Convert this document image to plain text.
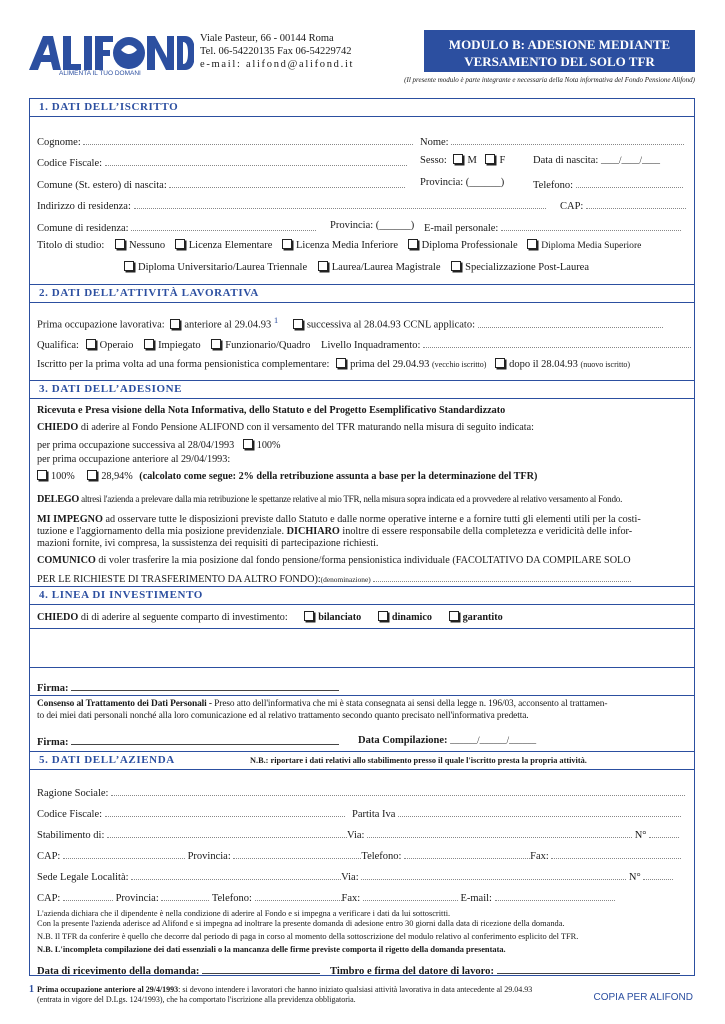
ALIMENTA IL TUO DOMANI
Viale Pasteur, 66 - 00144 Roma
Tel. 06-54220135 Fax 06-54229742
e-mail: alifond@alifond.it
MODULO B: ADESIONE MEDIANTE
VERSAMENTO DEL SOLO TFR
(Il presente modulo è parte integrante e necessaria della Nota informativa del Fondo Pensione Alifond)
1. DATI DELL’ISCRITTO
Cognome:	Nome:
Codice Fiscale:	Sesso: M F	Data di nascita: ____/____/____
Comune (St. estero) di nascita:	Provincia: (______)	Telefono:
Indirizzo di residenza:	CAP:
Comune di residenza:	Provincia: (______) E-mail personale:
Titolo di studio: Nessuno Licenza Elementare Licenza Media Inferiore Diploma Professionale Diploma Media Superiore
Diploma Universitario/Laurea Triennale Laurea/Laurea Magistrale Specializzazione Post-Laurea
2. DATI DELL’ATTIVITÀ LAVORATIVA
Prima occupazione lavorativa: anteriore al 29.04.93 $^1$	successiva al 28.04.93 CCNL applicato:
Qualifica: Operaio Impiegato Funzionario/Quadro Livello Inquadramento:
Iscritto per la prima volta ad una forma pensionistica complementare: prima del 29.04.93 (vecchio iscritto) dopo il 28.04.93 (nuovo iscritto)
3. DATI DELL’ADESIONE
Ricevuta e Presa visione della Nota Informativa, dello Statuto e del Progetto Esemplificativo Standardizzato
CHIEDO di aderire al Fondo Pensione ALIFOND con il versamento del TFR maturando nella misura di seguito indicata:
per prima occupazione successiva al 28/04/1993 100%
per prima occupazione anteriore al 29/04/1993:
100%	28,94% (calcolato come segue: 2% della retribuzione assunta a base per la determinazione del TFR)
DELEGO altresì l'azienda a prelevare dalla mia retribuzione le spettanze relative al mio TFR, nella misura sopra indicata ed a provvedere al relativo versamento al Fondo.
MI IMPEGNO ad osservare tutte le disposizioni previste dallo Statuto e dalle norme operative interne e a fornire tutti gli elementi utili per la costi-
tuzione e l'aggiornamento della mia posizione previdenziale. DICHIARO inoltre di essere responsabile della completezza e veridicità delle infor-
mazioni fornite, ivi compresa, la sussistenza dei requisiti di partecipazione richiesti.
COMUNICO di voler trasferire la mia posizione dal fondo pensione/forma pensionistica individuale (FACOLTATIVO DA COMPILARE SOLO
PER LE RICHIESTE DI TRASFERIMENTO DA ALTRO FONDO):(denominazione)
4. LINEA DI INVESTIMENTO
CHIEDO di di aderire al seguente comparto di investimento:	bilanciato	dinamico	garantito
Firma:
Consenso al Trattamento dei Dati Personali - Preso atto dell'informativa che mi è stata consegnata ai sensi della legge n. 196/03, acconsento al trattamen-
to dei miei dati personali nonché alla loro comunicazione ed al relativo trattamento secondo quanto precisato nell'informativa predetta.
Firma:	Data Compilazione: ______/______/______
5. DATI DELL’AZIENDA	N.B.: riportare i dati relativi allo stabilimento presso il quale l'iscritto presta la propria attività.
Ragione Sociale:
Codice Fiscale:	Partita Iva
Stabilimento di:	Via:	N°
CAP:	Provincia:	Telefono:	Fax:
Sede Legale Località:	Via:	N°
CAP:	Provincia:	Telefono:	Fax:	E-mail:
L'azienda dichiara che il dipendente è nella condizione di aderire al Fondo e si impegna a verificare i dati da lui sottoscritti.
Con la presente l'azienda aderisce ad Alifond e si impegna ad inoltrare la presente domanda di adesione entro 30 giorni dalla data di ricezione della domanda.
N.B. Il TFR da conferire è quello che decorre dal periodo di paga in corso al momento della sottoscrizione del modulo relativo al conferimento esplicito del TFR.
N.B. L'incompleta compilazione dei dati essenziali o la mancanza delle firme previste comporta il rigetto della domanda presentata.
Data di ricevimento della domanda:	Timbro e firma del datore di lavoro:
1 Prima occupazione anteriore al 29/4/1993: si devono intendere i lavoratori che hanno iniziato qualsiasi attività lavorativa in data antecedente al 29.04.93
(entrata in vigore del D.Lgs. 124/1993), che ha comportato l'iscrizione alla previdenza obbligatoria.	COPIA PER ALIFOND
